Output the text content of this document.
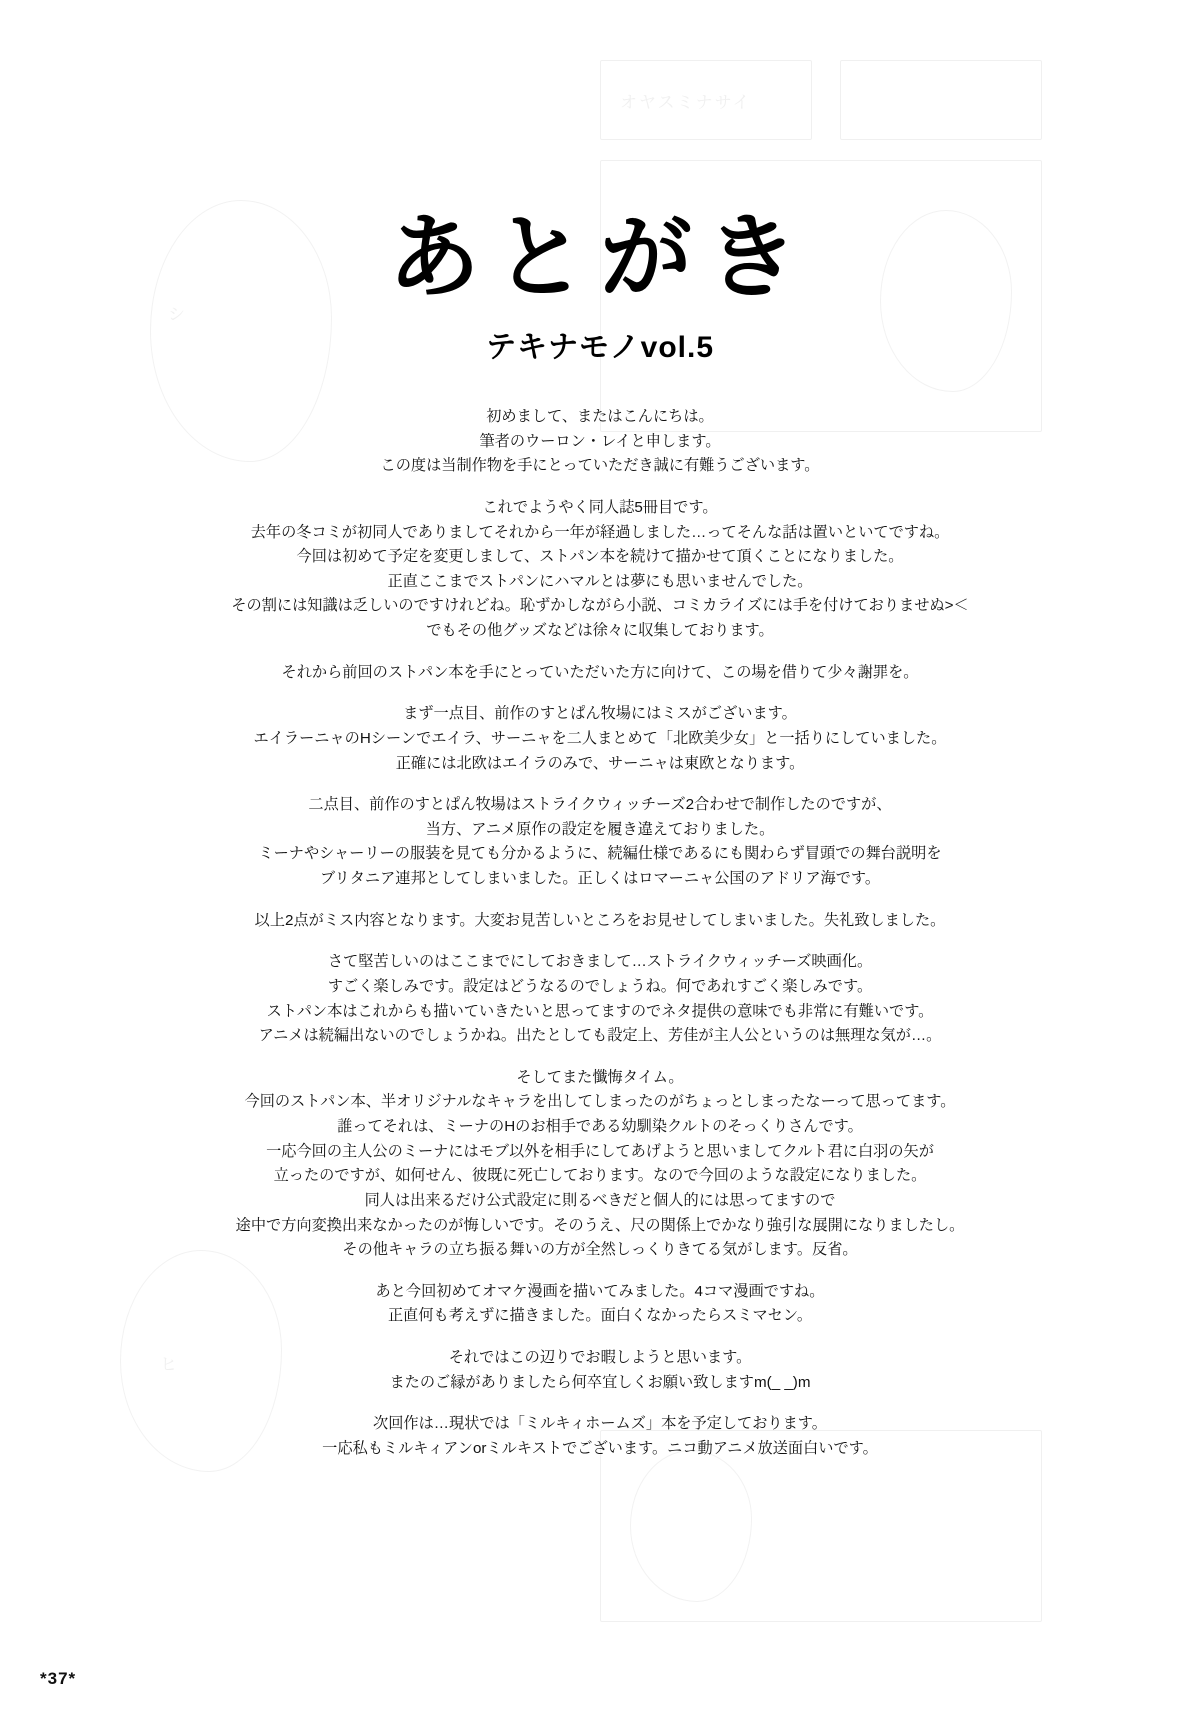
オヤスミナサイ
シ
ヒ
あとがき
テキナモノvol.5

初めまして、またはこんにちは。
筆者のウーロン・レイと申します。
この度は当制作物を手にとっていただき誠に有難うございます。

これでようやく同人誌5冊目です。
去年の冬コミが初同人でありましてそれから一年が経過しました…ってそんな話は置いといてですね。
今回は初めて予定を変更しまして、ストパン本を続けて描かせて頂くことになりました。
正直ここまでストパンにハマルとは夢にも思いませんでした。
その割には知識は乏しいのですけれどね。恥ずかしながら小説、コミカライズには手を付けておりませぬ>＜
でもその他グッズなどは徐々に収集しております。

それから前回のストパン本を手にとっていただいた方に向けて、この場を借りて少々謝罪を。

まず一点目、前作のすとぱん牧場にはミスがございます。
エイラーニャのHシーンでエイラ、サーニャを二人まとめて「北欧美少女」と一括りにしていました。
正確には北欧はエイラのみで、サーニャは東欧となります。

二点目、前作のすとぱん牧場はストライクウィッチーズ2合わせで制作したのですが、
当方、アニメ原作の設定を履き違えておりました。
ミーナやシャーリーの服装を見ても分かるように、続編仕様であるにも関わらず冒頭での舞台説明を
ブリタニア連邦としてしまいました。正しくはロマーニャ公国のアドリア海です。

以上2点がミス内容となります。大変お見苦しいところをお見せしてしまいました。失礼致しました。

さて堅苦しいのはここまでにしておきまして…ストライクウィッチーズ映画化。
すごく楽しみです。設定はどうなるのでしょうね。何であれすごく楽しみです。
ストパン本はこれからも描いていきたいと思ってますのでネタ提供の意味でも非常に有難いです。
アニメは続編出ないのでしょうかね。出たとしても設定上、芳佳が主人公というのは無理な気が…。

そしてまた懺悔タイム。
今回のストパン本、半オリジナルなキャラを出してしまったのがちょっとしまったなーって思ってます。
誰ってそれは、ミーナのHのお相手である幼馴染クルトのそっくりさんです。
一応今回の主人公のミーナにはモブ以外を相手にしてあげようと思いましてクルト君に白羽の矢が
立ったのですが、如何せん、彼既に死亡しております。なので今回のような設定になりました。
同人は出来るだけ公式設定に則るべきだと個人的には思ってますので
途中で方向変換出来なかったのが悔しいです。そのうえ、尺の関係上でかなり強引な展開になりましたし。
その他キャラの立ち振る舞いの方が全然しっくりきてる気がします。反省。

あと今回初めてオマケ漫画を描いてみました。4コマ漫画ですね。
正直何も考えずに描きました。面白くなかったらスミマセン。

それではこの辺りでお暇しようと思います。
またのご縁がありましたら何卒宜しくお願い致しますm(_ _)m

次回作は…現状では「ミルキィホームズ」本を予定しております。
一応私もミルキィアンorミルキストでございます。ニコ動アニメ放送面白いです。

*37*
